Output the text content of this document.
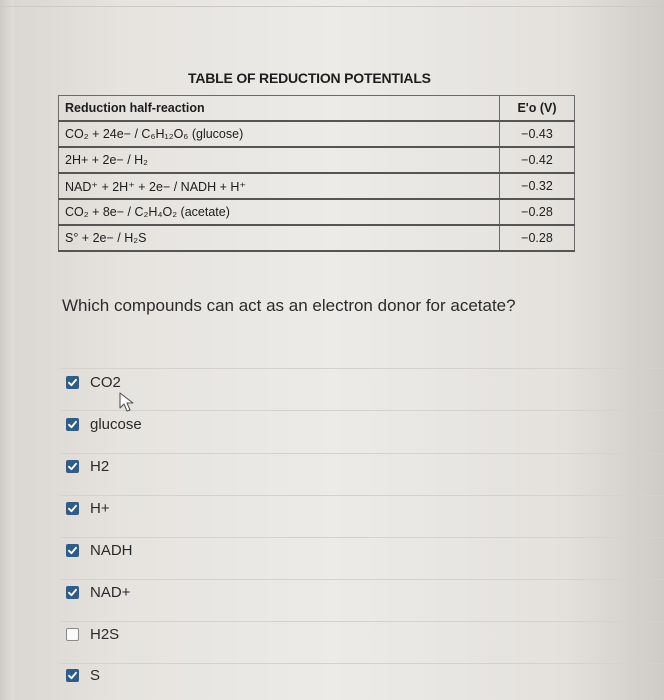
TABLE OF REDUCTION POTENTIALS
Reduction half-reaction	E'o (V)
CO₂ + 24e− / C₆H₁₂O₆ (glucose)	−0.43
2H+ + 2e− / H₂	−0.42
NAD⁺ + 2H⁺ + 2e− / NADH + H⁺	−0.32
CO₂ + 8e− / C₂H₄O₂ (acetate)	−0.28
S° + 2e− / H₂S	−0.28
Which compounds can act as an electron donor for acetate?
CO2
glucose
H2
H+
NADH
NAD+
H2S
S
